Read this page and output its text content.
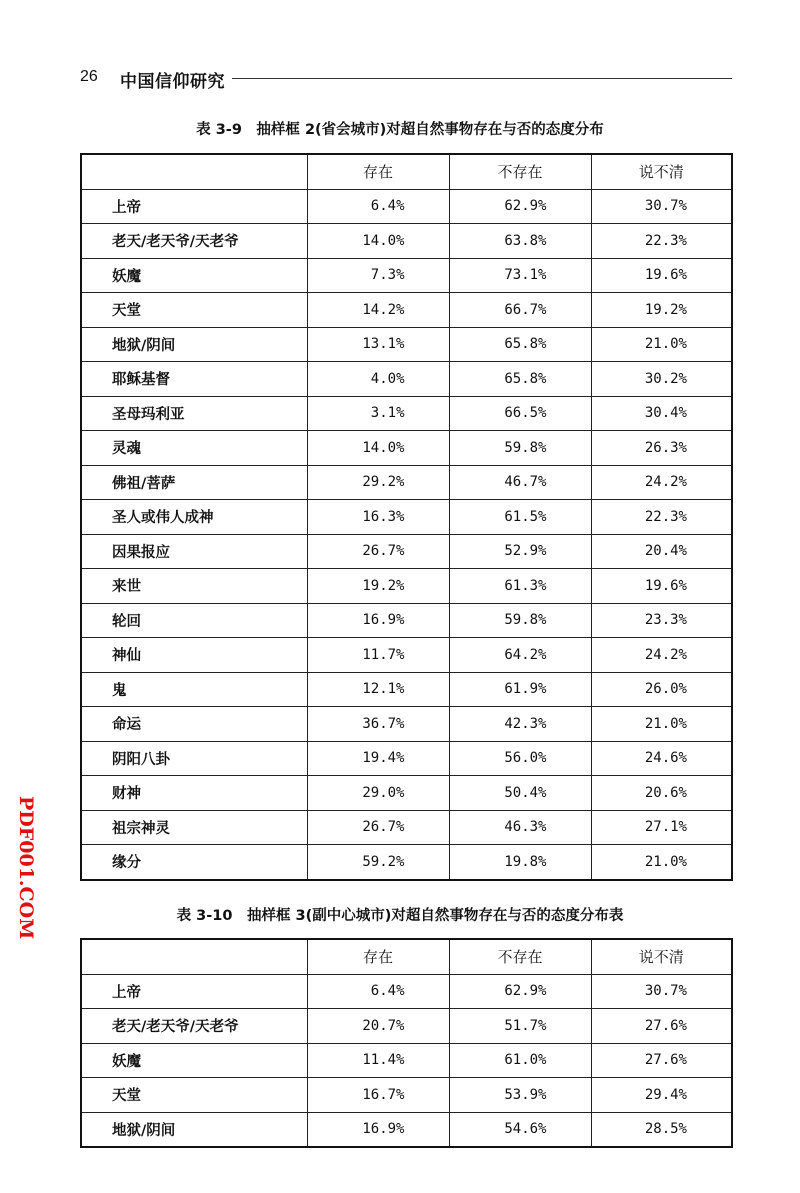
26 中国信仰研究
表 3-9　抽样框 2(省会城市)对超自然事物存在与否的态度分布
	存在	不存在	说不清
上帝	6.4%	62.9%	30.7%
老天/老天爷/天老爷	14.0%	63.8%	22.3%
妖魔	7.3%	73.1%	19.6%
天堂	14.2%	66.7%	19.2%
地狱/阴间	13.1%	65.8%	21.0%
耶稣基督	4.0%	65.8%	30.2%
圣母玛利亚	3.1%	66.5%	30.4%
灵魂	14.0%	59.8%	26.3%
佛祖/菩萨	29.2%	46.7%	24.2%
圣人或伟人成神	16.3%	61.5%	22.3%
因果报应	26.7%	52.9%	20.4%
来世	19.2%	61.3%	19.6%
轮回	16.9%	59.8%	23.3%
神仙	11.7%	64.2%	24.2%
鬼	12.1%	61.9%	26.0%
命运	36.7%	42.3%	21.0%
阴阳八卦	19.4%	56.0%	24.6%
财神	29.0%	50.4%	20.6%
祖宗神灵	26.7%	46.3%	27.1%
缘分	59.2%	19.8%	21.0%
表 3-10　抽样框 3(副中心城市)对超自然事物存在与否的态度分布表
	存在	不存在	说不清
上帝	6.4%	62.9%	30.7%
老天/老天爷/天老爷	20.7%	51.7%	27.6%
妖魔	11.4%	61.0%	27.6%
天堂	16.7%	53.9%	29.4%
地狱/阴间	16.9%	54.6%	28.5%
PDF001.COM
